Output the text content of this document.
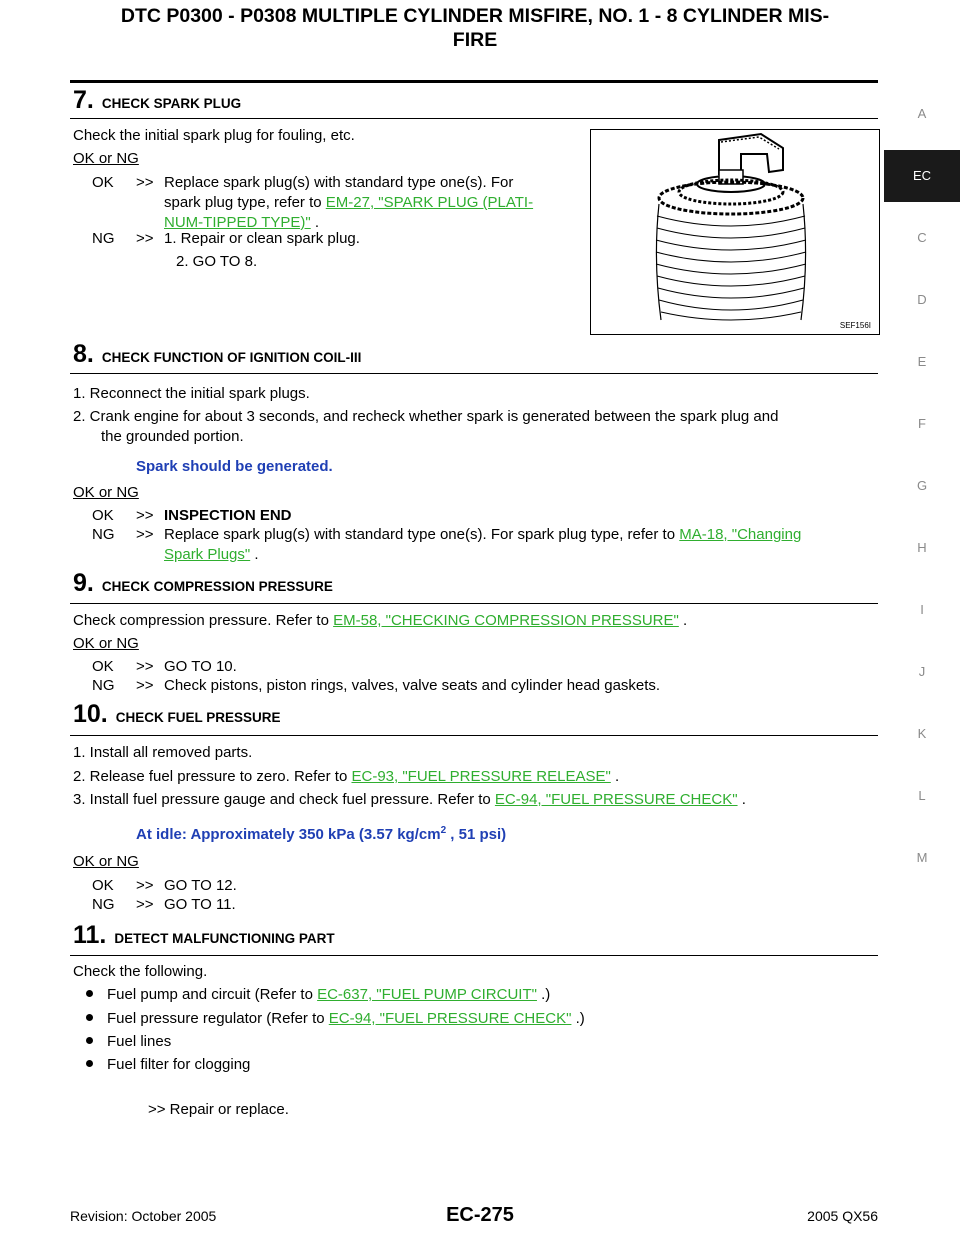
DTC P0300 - P0308 MULTIPLE CYLINDER MISFIRE, NO. 1 - 8 CYLINDER MIS-
FIRE
A
EC
C
D
E
F
G
H
I
J
K
L
M
7. CHECK SPARK PLUG
Check the initial spark plug for fouling, etc.
OK or NG
OK >> Replace spark plug(s) with standard type one(s). For
spark plug type, refer to EM-27, "SPARK PLUG (PLATI-
NUM-TIPPED TYPE)" .
NG >> 1. Repair or clean spark plug.
2. GO TO 8.
SEF156I
8. CHECK FUNCTION OF IGNITION COIL-III
1. Reconnect the initial spark plugs.
2. Crank engine for about 3 seconds, and recheck whether spark is generated between the spark plug and
the grounded portion.
Spark should be generated.
OK or NG
OK >> INSPECTION END
NG >> Replace spark plug(s) with standard type one(s). For spark plug type, refer to MA-18, "Changing
Spark Plugs" .
9. CHECK COMPRESSION PRESSURE
Check compression pressure. Refer to EM-58, "CHECKING COMPRESSION PRESSURE" .
OK or NG
OK >> GO TO 10.
NG >> Check pistons, piston rings, valves, valve seats and cylinder head gaskets.
10. CHECK FUEL PRESSURE
1. Install all removed parts.
2. Release fuel pressure to zero. Refer to EC-93, "FUEL PRESSURE RELEASE" .
3. Install fuel pressure gauge and check fuel pressure. Refer to EC-94, "FUEL PRESSURE CHECK" .
At idle: Approximately 350 kPa (3.57 $kg/cm^2$ , 51 psi)
OK or NG
OK >> GO TO 12.
NG >> GO TO 11.
11. DETECT MALFUNCTIONING PART
Check the following.
Fuel pump and circuit (Refer to EC-637, "FUEL PUMP CIRCUIT" .)
Fuel pressure regulator (Refer to EC-94, "FUEL PRESSURE CHECK" .)
Fuel lines
Fuel filter for clogging
>> Repair or replace.
Revision: October 2005	EC-275	2005 QX56
